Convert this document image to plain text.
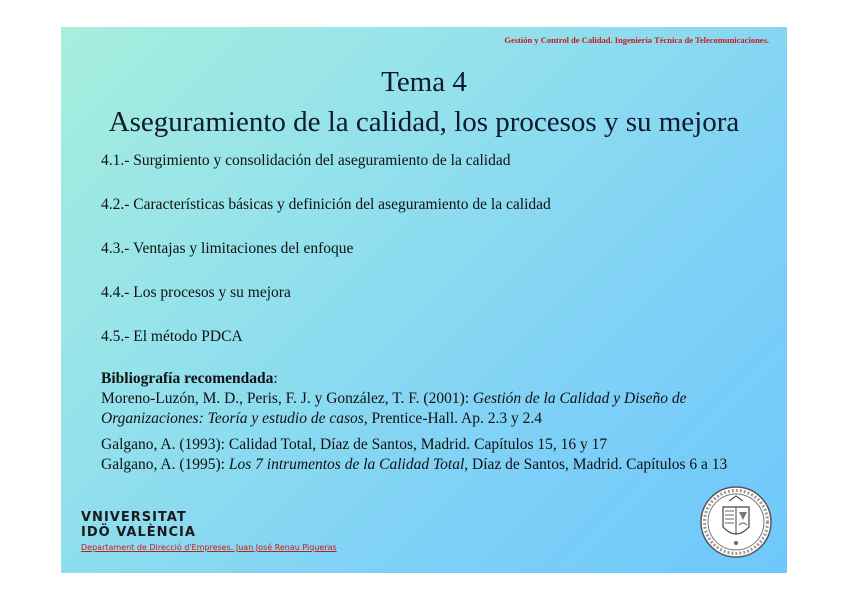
Gestión y Control de Calidad. Ingeniería Técnica de Telecomunicaciones.
Tema 4
Aseguramiento de la calidad, los procesos y su mejora
4.1.- Surgimiento y consolidación del aseguramiento de la calidad
4.2.- Características básicas y definición del aseguramiento de la calidad
4.3.- Ventajas y limitaciones del enfoque
4.4.- Los procesos y su mejora
4.5.- El método PDCA

Bibliografía recomendada:

Moreno-Luzón, M. D., Peris, F. J. y González, T. F. (2001): Gestión de la Calidad y Diseño de Organizaciones: Teoría y estudio de casos, Prentice-Hall. Ap. 2.3 y 2.4

Galgano, A. (1993): Calidad Total, Díaz de Santos, Madrid. Capítulos 15, 16 y 17

Galgano, A. (1995): Los 7 intrumentos de la Calidad Total, Díaz de Santos, Madrid. Capítulos 6 a 13

VNIVERSITAT
IDÖ VALÈNCIA
Departament de Direcció d'Empreses. Juan José Renau Piqueras
